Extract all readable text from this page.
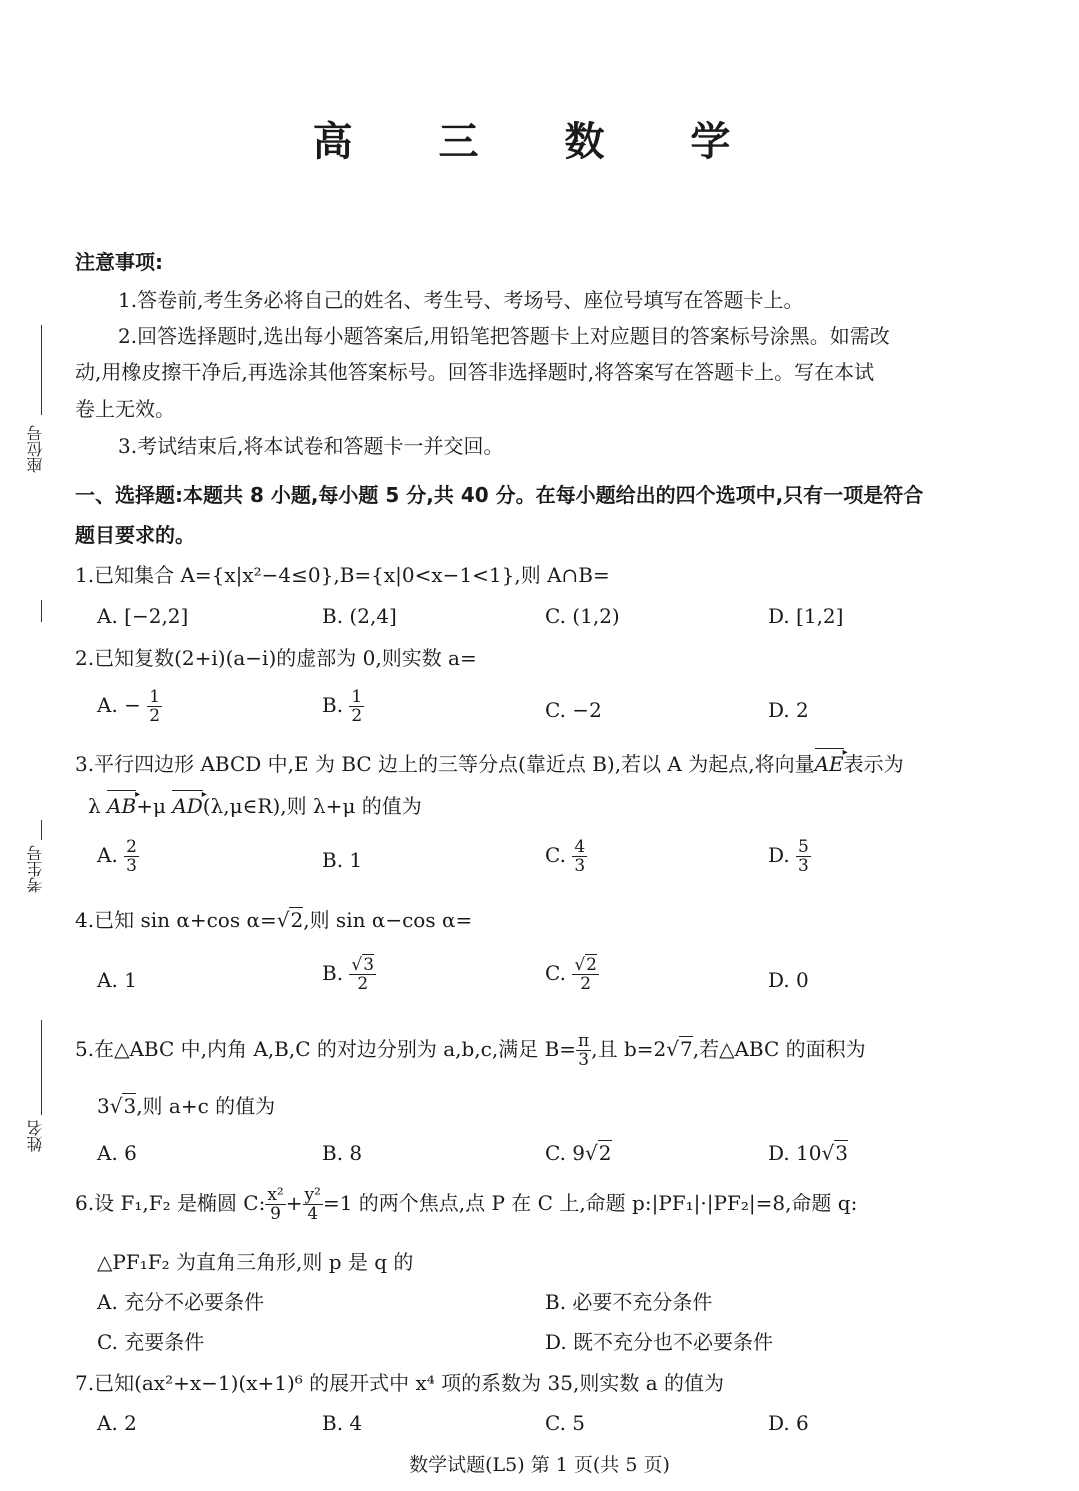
高 三 数 学
座位号
考生号
姓名
注意事项:
1.答卷前,考生务必将自己的姓名、考生号、考场号、座位号填写在答题卡上。
2.回答选择题时,选出每小题答案后,用铅笔把答题卡上对应题目的答案标号涂黑。如需改
动,用橡皮擦干净后,再选涂其他答案标号。回答非选择题时,将答案写在答题卡上。写在本试
卷上无效。
3.考试结束后,将本试卷和答题卡一并交回。
一、选择题:本题共 8 小题,每小题 5 分,共 40 分。在每小题给出的四个选项中,只有一项是符合
题目要求的。
1.已知集合 A={x|x²−4≤0},B={x|0<x−1<1},则 A∩B=
A. [−2,2]	B. (2,4]	C. (1,2)	D. [1,2]
2.已知复数(2+i)(a−i)的虚部为 0,则实数 a=
A. − $\frac{1}{2}$	B. $\frac{1}{2}$	C. −2	D. 2
3.平行四边形 ABCD 中,E 为 BC 边上的三等分点(靠近点 B),若以 A 为起点,将向量AE ▸表示为
λ AB ▸+μ AD ▸(λ,μ∈R),则 λ+μ 的值为
A. $\frac{2}{3}$	B. 1	C. $\frac{4}{3}$	D. $\frac{5}{3}$
4.已知 sin α+cos α=√2,则 sin α−cos α=
A. 1	B. $\frac{√3}{2}$	C. $\frac{√2}{2}$	D. 0
5.在△ABC 中,内角 A,B,C 的对边分别为 a,b,c,满足 $B= \frac{\pi}{3}$ ,且 b=2√7,若△ABC 的面积为
3√3,则 a+c 的值为
A. 6	B. 8	C. 9√2	D. 10√3
6.设 F₁,F₂ 是椭圆 C: $\frac{\text{x²}}{9} + \frac{\text{y²}}{4} =1$ 的两个焦点,点 P 在 C 上,命题 p:|PF₁|·|PF₂|=8,命题 q:
△PF₁F₂ 为直角三角形,则 p 是 q 的
A. 充分不必要条件	B. 必要不充分条件
C. 充要条件	D. 既不充分也不必要条件
7.已知(ax²+x−1)(x+1)⁶ 的展开式中 x⁴ 项的系数为 35,则实数 a 的值为
A. 2	B. 4	C. 5	D. 6
数学试题(L5) 第 1 页(共 5 页)
